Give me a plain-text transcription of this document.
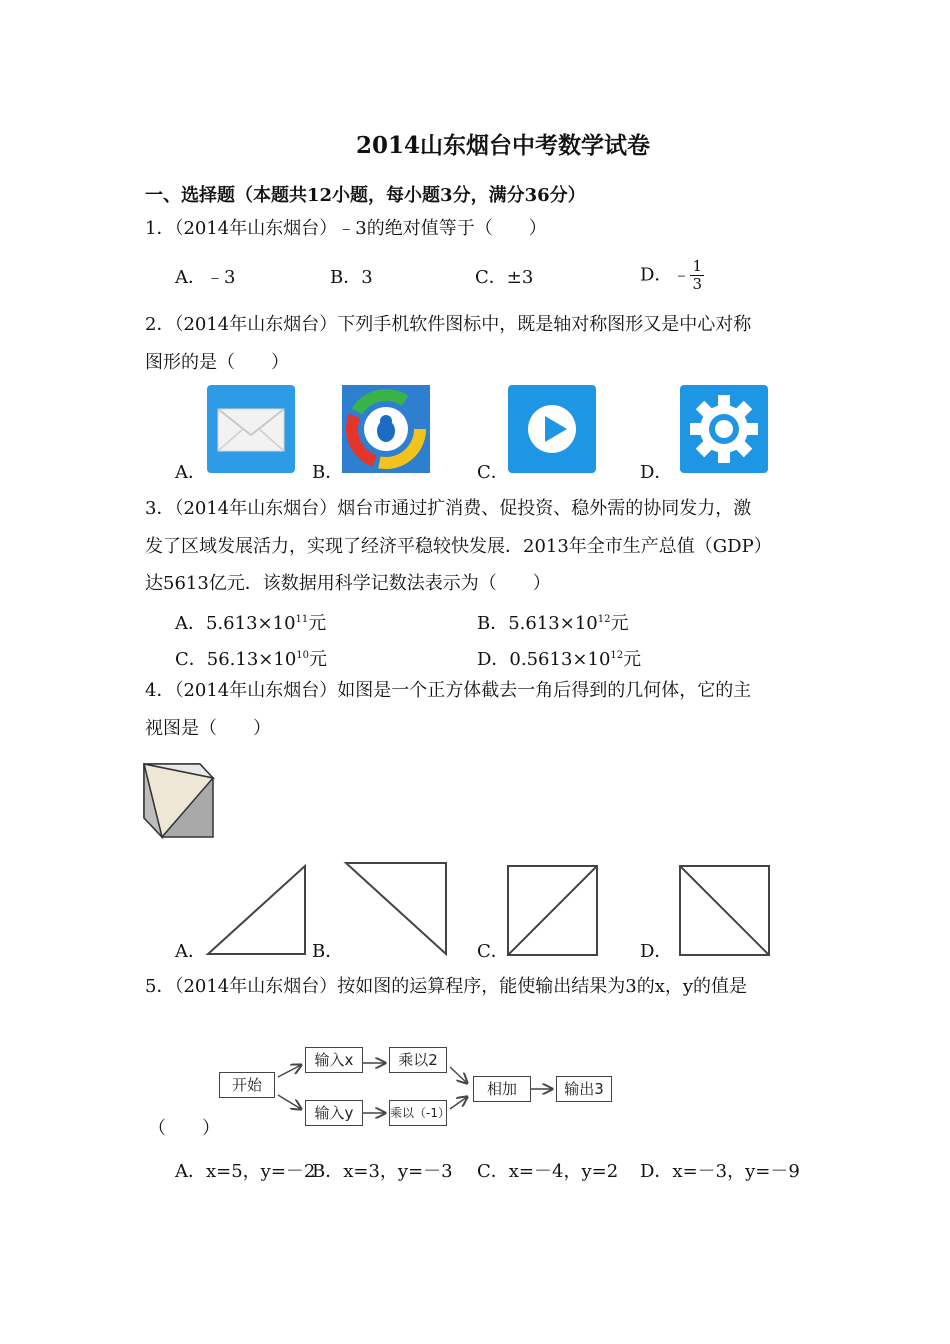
2014山东烟台中考数学试卷
一、选择题（本题共12小题，每小题3分，满分36分）
1．（2014年山东烟台）﹣3的绝对值等于（　　）
A．﹣3	B．3	C．±3	D．﹣ $\frac{1}{3}$
2．（2014年山东烟台）下列手机软件图标中，既是轴对称图形又是中心对称
图形的是（　　）
A．	B．	C．	D．
3．（2014年山东烟台）烟台市通过扩消费、促投资、稳外需的协同发力，激
发了区域发展活力，实现了经济平稳较快发展．2013年全市生产总值（GDP）
达5613亿元．该数据用科学记数法表示为（　　）
A．$5.613\times 10^{11}$元	B．$5.613\times 10^{12}$元
C．$56.13\times 10^{10}$元	D．$0.5613\times 10^{12}$元
4．（2014年山东烟台）如图是一个正方体截去一角后得到的几何体，它的主
视图是（　　）
A．	B．	C．	D．
5．（2014年山东烟台）按如图的运算程序，能使输出结果为3的x，y的值是
开始
输入x	乘以2
输入y	乘以（-1）
相加	输出3
（　　）
A．x=5，y=－2
B．x=3，y=－3 C．x=－4，y=2 D．x=－3，y=－9
